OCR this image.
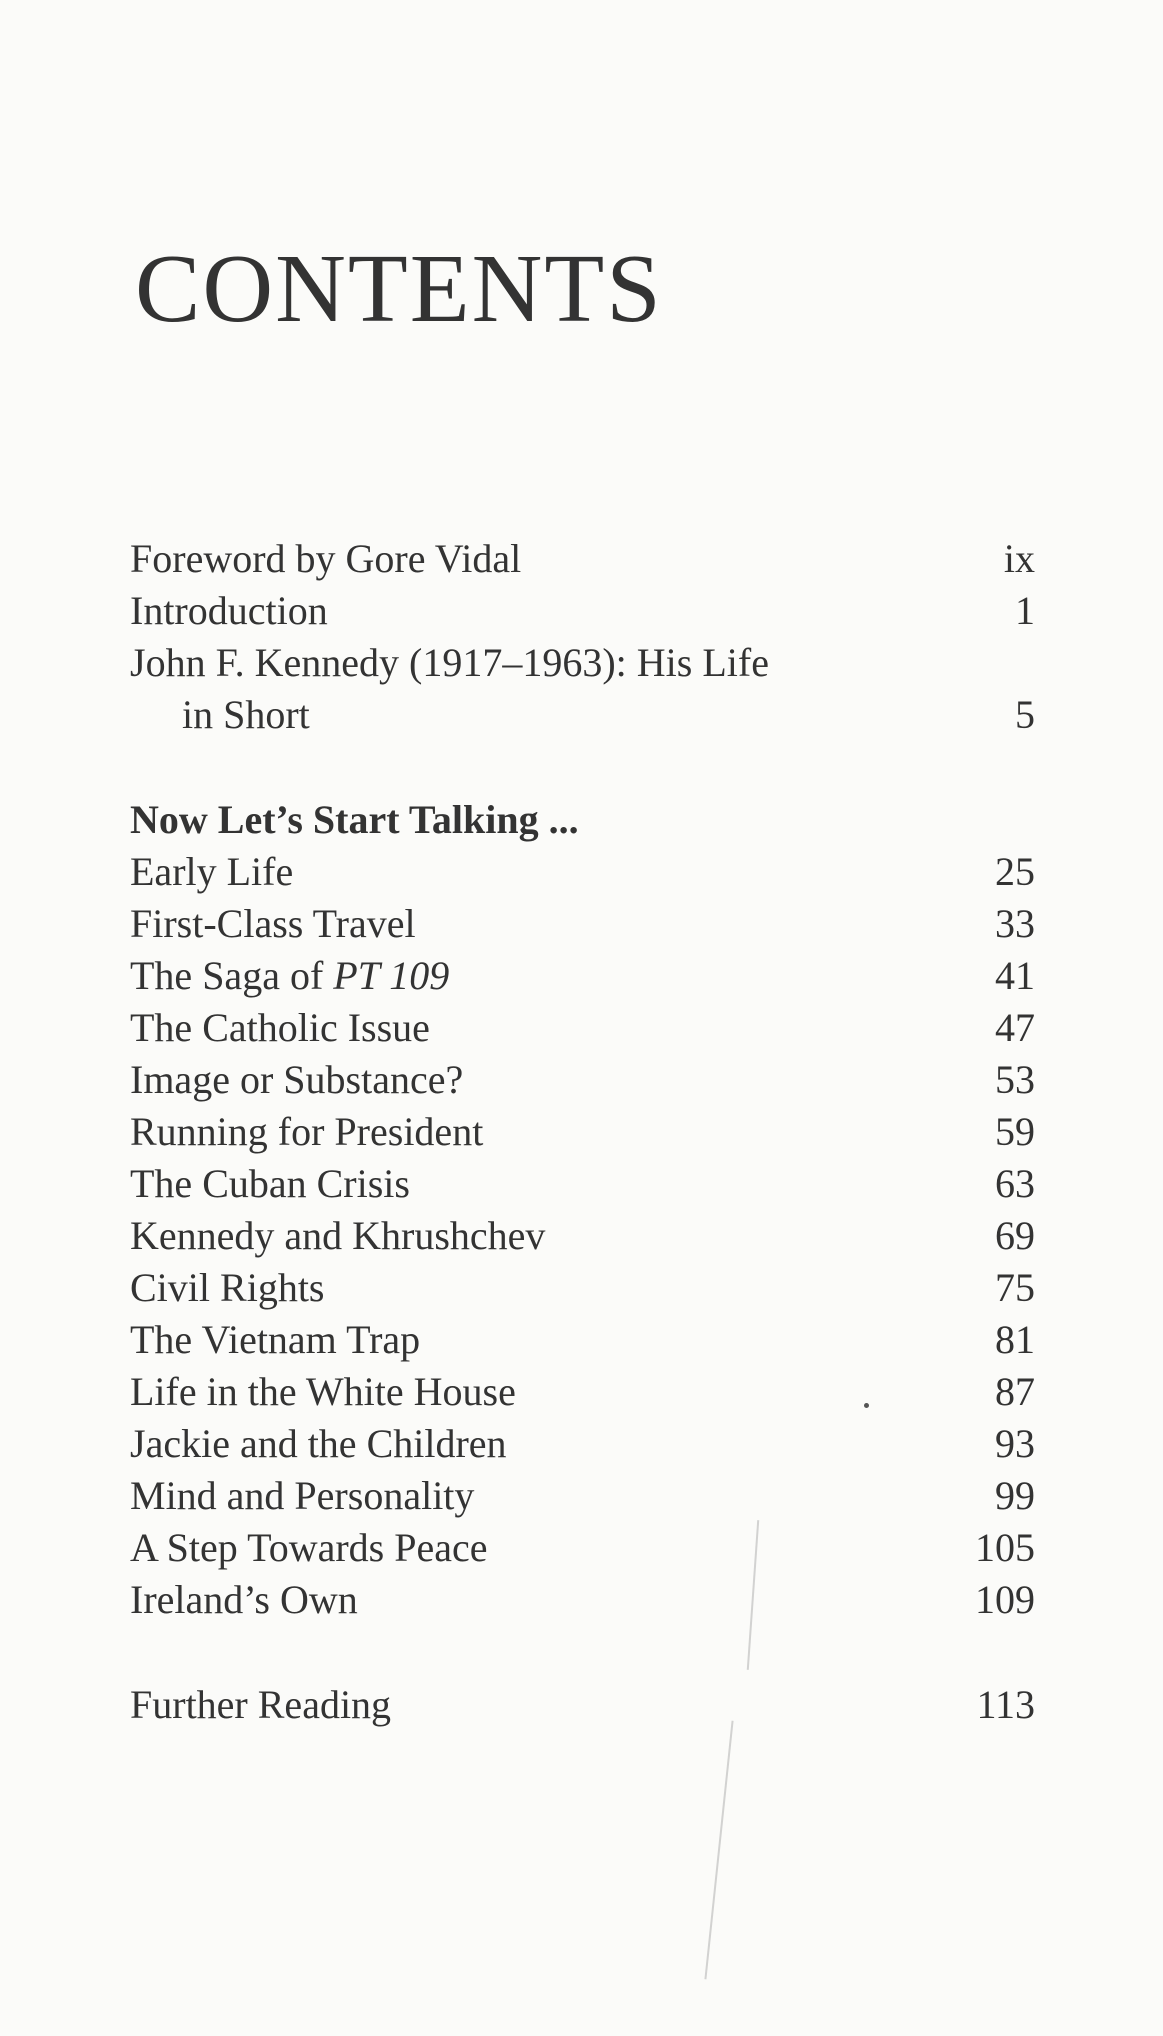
CONTENTS
Foreword by Gore Vidal	ix
Introduction	1
John F. Kennedy (1917–1963): His Life
in Short	5
Now Let’s Start Talking ...
Early Life	25
First-Class Travel	33
The Saga of PT 109	41
The Catholic Issue	47
Image or Substance?	53
Running for President	59
The Cuban Crisis	63
Kennedy and Khrushchev	69
Civil Rights	75
The Vietnam Trap	81
Life in the White House	87
Jackie and the Children	93
Mind and Personality	99
A Step Towards Peace	105
Ireland’s Own	109
Further Reading	113
